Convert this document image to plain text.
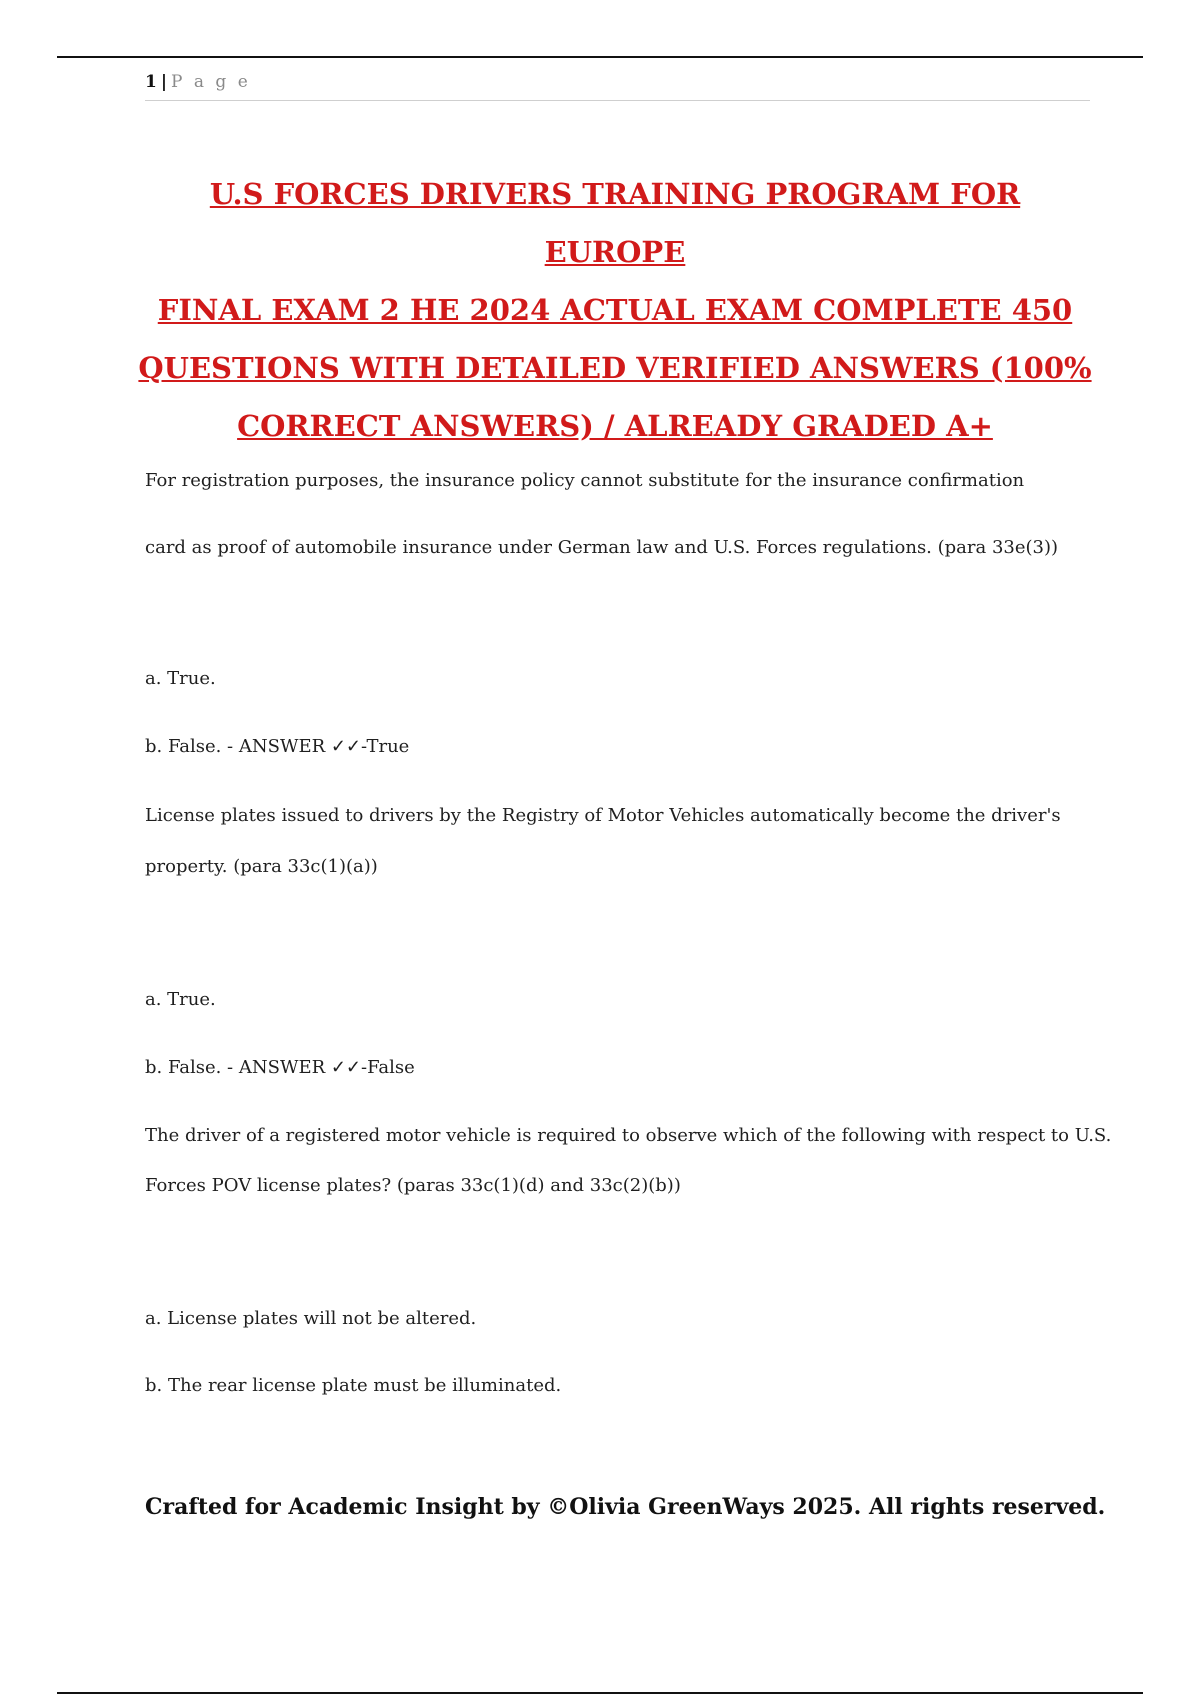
1 | P a g e
U.S FORCES DRIVERS TRAINING PROGRAM FOR EUROPE
FINAL EXAM 2 HE 2024 ACTUAL EXAM COMPLETE 450
QUESTIONS WITH DETAILED VERIFIED ANSWERS (100%
CORRECT ANSWERS) / ALREADY GRADED A+

For registration purposes, the insurance policy cannot substitute for the insurance confirmation

card as proof of automobile insurance under German law and U.S. Forces regulations. (para 33e(3))

a. True.

b. False. - ANSWER ✓✓-True

License plates issued to drivers by the Registry of Motor Vehicles automatically become the driver's

property. (para 33c(1)(a))

a. True.

b. False. - ANSWER ✓✓-False

The driver of a registered motor vehicle is required to observe which of the following with respect to U.S.

Forces POV license plates? (paras 33c(1)(d) and 33c(2)(b))

a. License plates will not be altered.

b. The rear license plate must be illuminated.

Crafted for Academic Insight by ©Olivia GreenWays 2025. All rights reserved.
